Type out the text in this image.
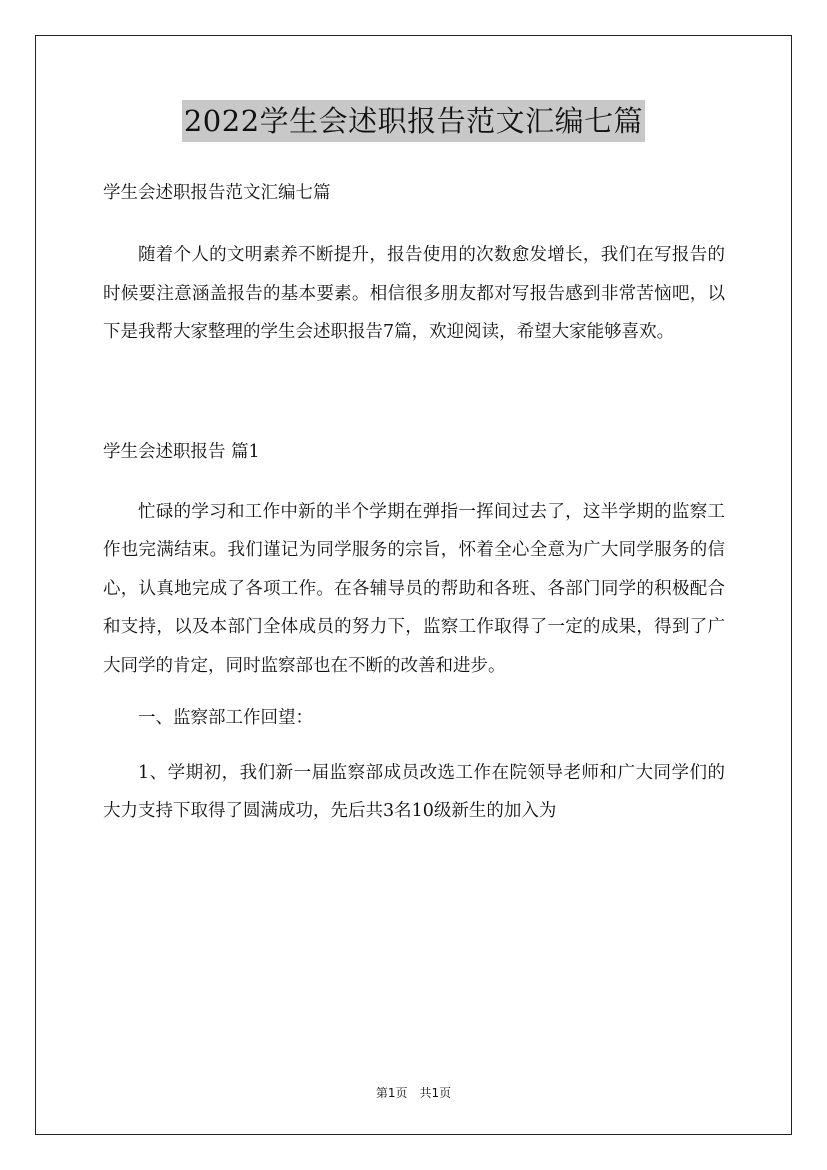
2022学生会述职报告范文汇编七篇

学生会述职报告范文汇编七篇

随着个人的文明素养不断提升，报告使用的次数愈发增长，我们在写报告的时候要注意涵盖报告的基本要素。相信很多朋友都对写报告感到非常苦恼吧，以下是我帮大家整理的学生会述职报告7篇，欢迎阅读，希望大家能够喜欢。

学生会述职报告 篇1

忙碌的学习和工作中新的半个学期在弹指一挥间过去了，这半学期的监察工作也完满结束。我们谨记为同学服务的宗旨，怀着全心全意为广大同学服务的信心，认真地完成了各项工作。在各辅导员的帮助和各班、各部门同学的积极配合和支持，以及本部门全体成员的努力下，监察工作取得了一定的成果，得到了广大同学的肯定，同时监察部也在不断的改善和进步。

一、监察部工作回望：

1、学期初，我们新一届监察部成员改选工作在院领导老师和广大同学们的大力支持下取得了圆满成功，先后共3名10级新生的加入为

第1页　共1页
